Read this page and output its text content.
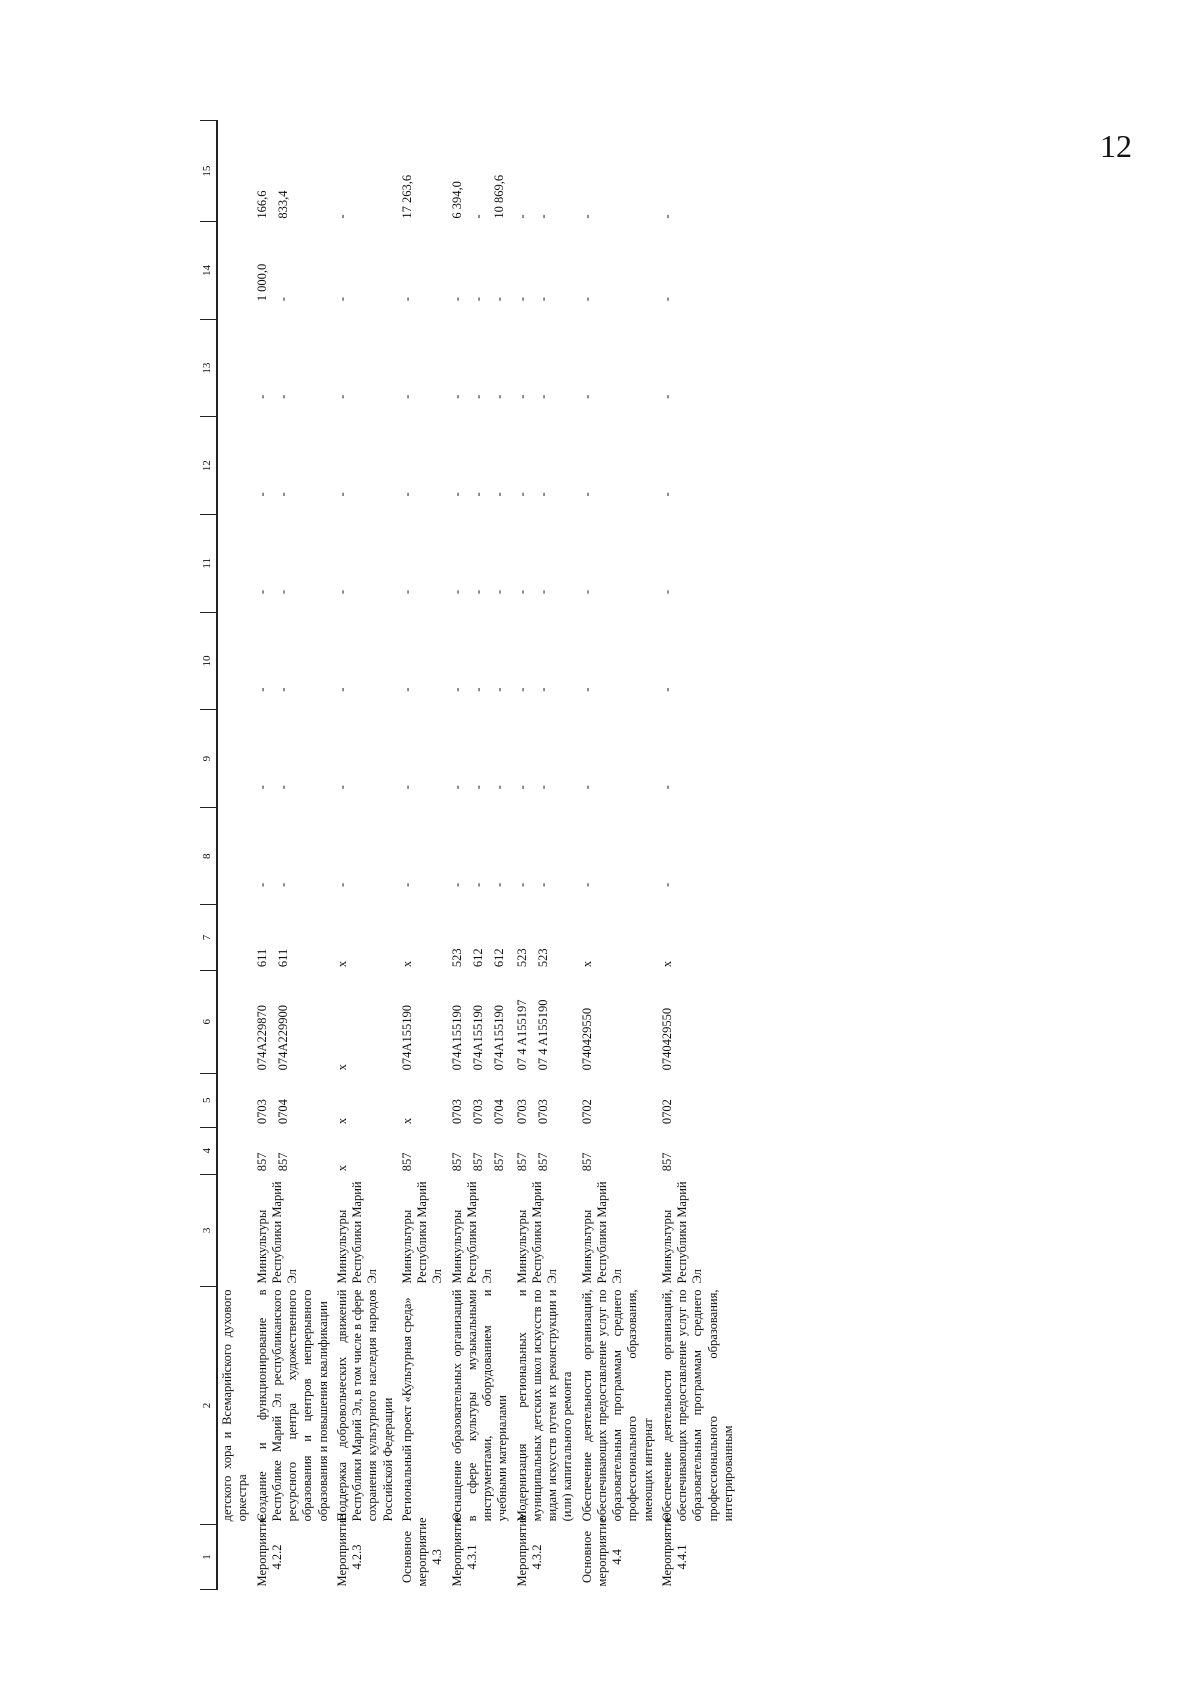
12
1	2	3	4	5	6	7	8	9	10	11	12	13	14	15
	детского хора и Всемарийского духового оркестра													
Мероприятие 4.2.2	Создание и функционирование в Республике Марий Эл республиканского ресурсного центра художественного образования и центров непрерывного образования и повышения квалификации	Минкультуры Республики Марий Эл	857 857	0703 0704	074A229870 074A229900	611 611	- -	- -	- -	- -	- -	- -	1 000,0 -	166,6 833,4

Мероприятие 4.2.3	Поддержка добровольческих движений Республики Марий Эл, в том числе в сфере сохранения культурного наследия народов Российской Федерации	Минкультуры Республики Марий Эл	х	х	х	х	-	-	-	-	-	-	-	-

Основное мероприятие 4.3	Региональный проект «Культурная среда»	Минкультуры Республики Марий Эл	857	х	074A155190	х	-	-	-	-	-	-	-	17 263,6

Мероприятие 4.3.1	Оснащение образовательных организаций в сфере культуры музыкальными инструментами, оборудованием и учебными материалами	Минкультуры Республики Марий Эл	857 857 857	0703 0703 0704	074A155190 074A155190 074A155190	523 612 612	- - -	- - -	- - -	- - -	- - -	- - -	- - -	6 394,0 - 10 869,6

Мероприятие 4.3.2	Модернизация региональных и муниципальных детских школ искусств по видам искусств путем их реконструкции и (или) капитального ремонта	Минкультуры Республики Марий Эл	857 857	0703 0703	07 4 A155197 07 4 A155190	523 523	- -	- -	- -	- -	- -	- -	- -	- -

Основное мероприятие 4.4	Обеспечение деятельности организаций, обеспечивающих предоставление услуг по образовательным программам среднего профессионального образования, имеющих интернат	Минкультуры Республики Марий Эл	857	0702	0740429550	х	-	-	-	-	-	-	-	-

Мероприятие 4.4.1	Обеспечение деятельности организаций, обеспечивающих предоставление услуг по образовательным программам среднего профессионального образования, интегрированным	Минкультуры Республики Марий Эл	857	0702	0740429550	х	-	-	-	-	-	-	-	-
